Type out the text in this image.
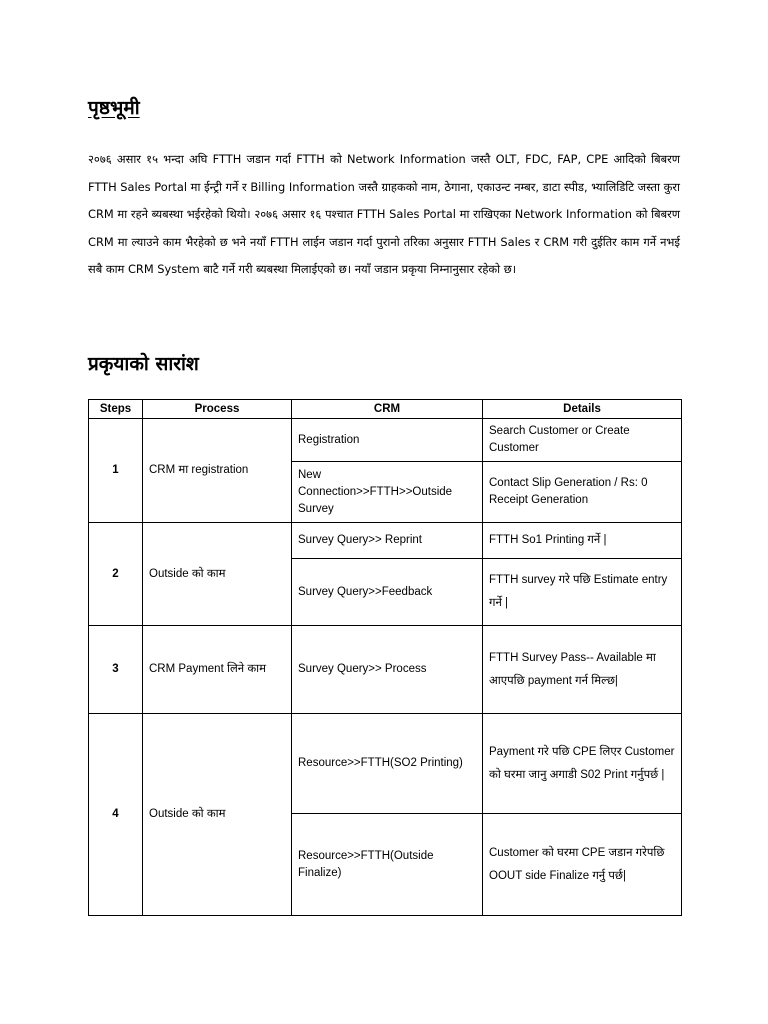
पृष्ठभूमी

२०७६ असार १५ भन्दा अघि FTTH जडान गर्दा FTTH को Network Information जस्तै OLT, FDC, FAP, CPE आदिको बिबरण FTTH Sales Portal मा ईन्ट्री गर्ने र Billing Information जस्तै ग्राहकको नाम, ठेगाना, एकाउन्ट नम्बर, डाटा स्पीड, भ्यालिडिटि जस्ता कुरा CRM मा रहने ब्यबस्था भईरहेको थियो। २०७६ असार १६ पश्चात FTTH Sales Portal मा राखिएका Network Information को बिबरण CRM मा ल्याउने काम भैरहेको छ भने नयाँ FTTH लाईन जडान गर्दा पुरानो तरिका अनुसार FTTH Sales र CRM गरी दुईतिर काम गर्ने नभई सबै काम CRM System बाटै गर्ने गरी ब्यबस्था मिलाईएको छ। नयाँ जडान प्रकृया निम्नानुसार रहेको छ।

प्रकृयाको सारांश
Steps	Process	CRM	Details
1	CRM मा registration	Registration	Search Customer or Create Customer
		New Connection>>FTTH>>Outside Survey	Contact Slip Generation / Rs: 0 Receipt Generation
2	Outside को काम	Survey Query>> Reprint	FTTH So1 Printing गर्ने |
		Survey Query>>Feedback	FTTH survey गरे पछि Estimate entry गर्ने |
3	CRM Payment लिने काम	Survey Query>> Process	FTTH Survey Pass-- Available मा आएपछि payment गर्न मिल्छ|
4	Outside को काम	Resource>>FTTH(SO2 Printing)	Payment गरे पछि CPE लिएर Customer को घरमा जानु अगाडी S02 Print गर्नुपर्छ |
		Resource>>FTTH(Outside Finalize)	Customer को घरमा CPE जडान गरेपछि OOUT side Finalize गर्नु पर्छ|
